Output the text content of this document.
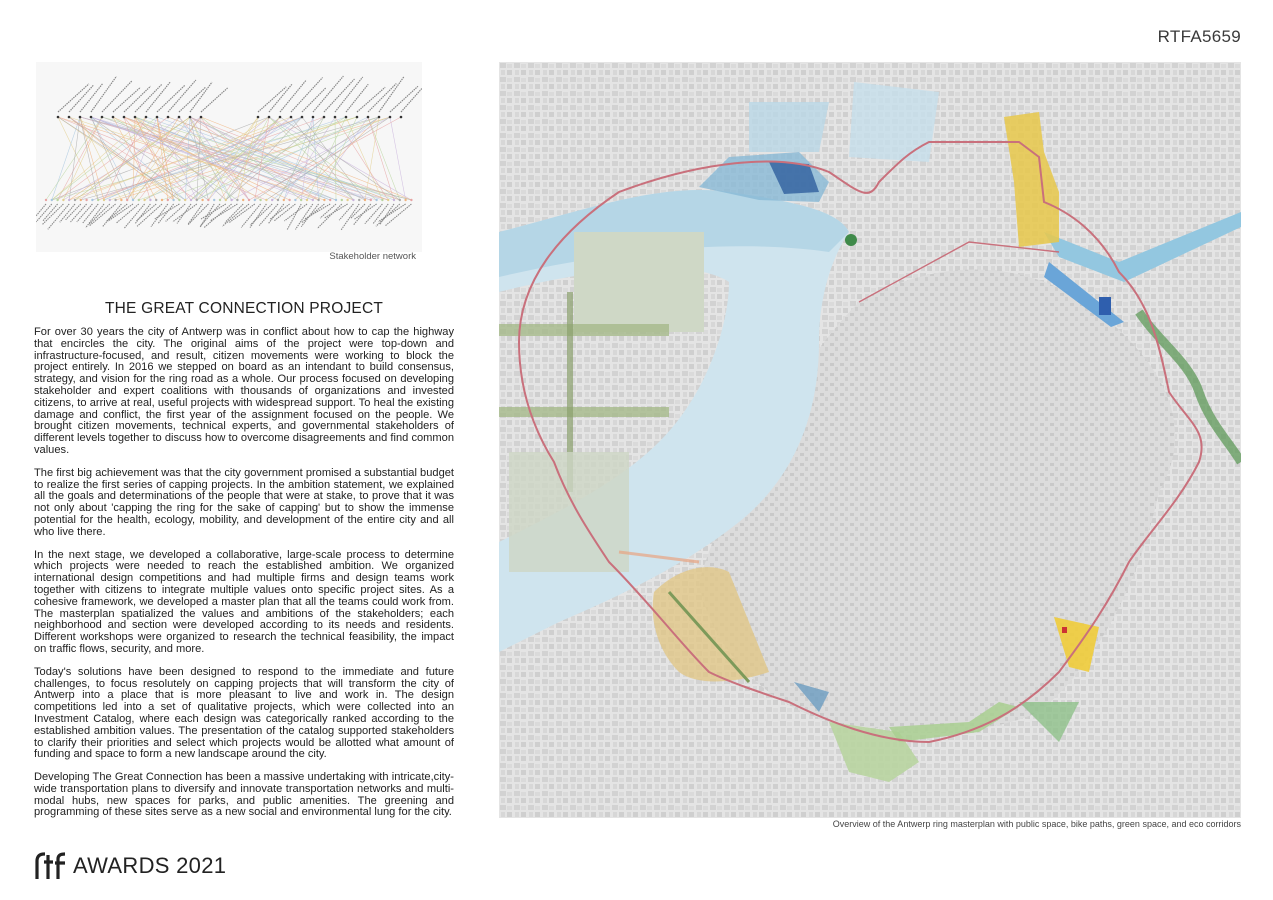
RTFA5659
Stakeholder network
THE GREAT CONNECTION PROJECT

For over 30 years the city of Antwerp was in conflict about how to cap the highway that encircles the city. The original aims of the project were top-down and infrastructure-focused, and result, citizen movements were working to block the project entirely. In 2016 we stepped on board as an intendant to build consensus, strategy, and vision for the ring road as a whole. Our process focused on developing stakeholder and expert coalitions with thousands of organizations and invested citizens, to arrive at real, useful projects with widespread support. To heal the existing damage and conflict, the first year of the assignment focused on the people. We brought citizen movements, technical experts, and governmental stakeholders of different levels together to discuss how to overcome disagreements and find common values.

The first big achievement was that the city government promised a substantial budget to realize the first series of capping projects. In the ambition statement, we explained all the goals and determinations of the people that were at stake, to prove that it was not only about 'capping the ring for the sake of capping' but to show the immense potential for the health, ecology, mobility, and development of the entire city and all who live there.

In the next stage, we developed a collaborative, large-scale process to determine which projects were needed to reach the established ambition. We organized international design competitions and had multiple firms and design teams work together with citizens to integrate multiple values onto specific project sites. As a cohesive framework, we developed a master plan that all the teams could work from. The masterplan spatialized the values and ambitions of the stakeholders; each neighborhood and section were developed according to its needs and residents. Different workshops were organized to research the technical feasibility, the impact on traffic flows, security, and more.

Today's solutions have been designed to respond to the immediate and future challenges, to focus resolutely on capping projects that will transform the city of Antwerp into a place that is more pleasant to live and work in. The design competitions led into a set of qualitative projects, which were collected into an Investment Catalog, where each design was categorically ranked according to the established ambition values. The presentation of the catalog supported stakeholders to clarify their priorities and select which projects would be allotted what amount of funding and space to form a new landscape around the city.

Developing The Great Connection has been a massive undertaking with intricate,city-wide transportation plans to diversify and innovate transportation networks and multi-modal hubs, new spaces for parks, and public amenities. The greening and programming of these sites serve as a new social and environmental lung for the city.

Overview of the Antwerp ring masterplan with public space, bike paths, green space, and eco corridors
AWARDS 2021
